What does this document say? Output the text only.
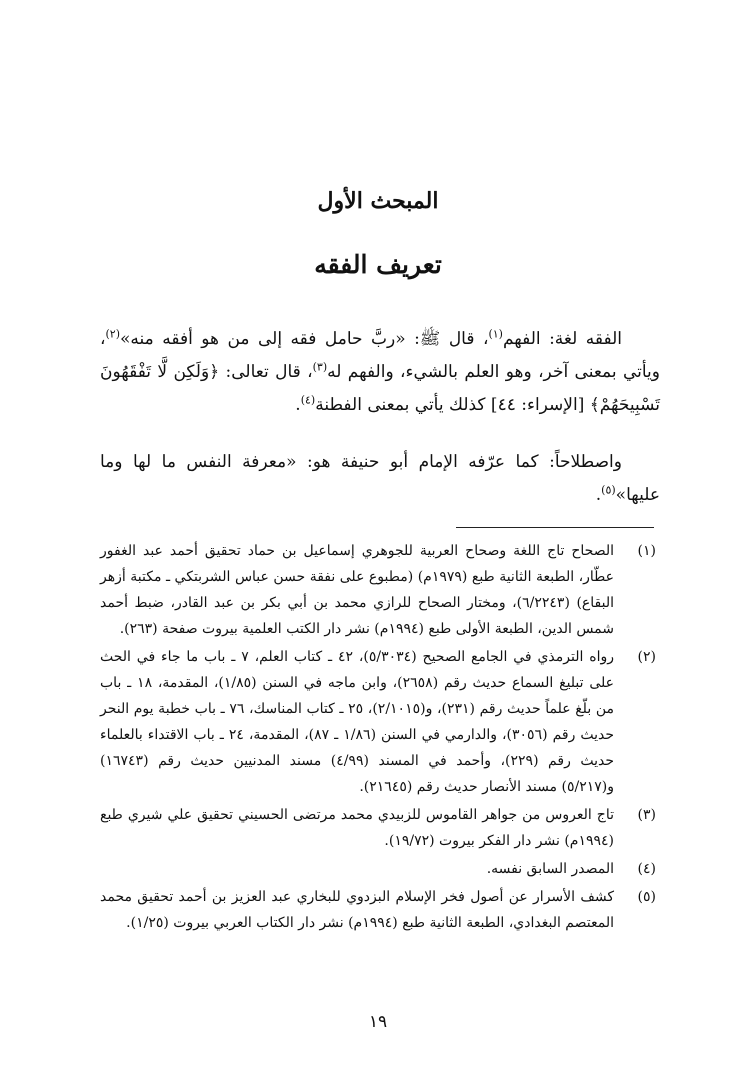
المبحث الأول
تعريف الفقه
الفقه لغة: الفهم$^{(١)}$، قال ﷺ: «ربَّ حامل فقه إلى من هو أفقه منه»$^{(٢)}$، ويأتي بمعنى آخر، وهو العلم بالشيء، والفهم له$^{(٣)}$، قال تعالى: ﴿وَلَكِن لَّا تَفْقَهُونَ تَسْبِيحَهُمْ﴾ [الإسراء: ٤٤] كذلك يأتي بمعنى الفطنة$^{(٤)}$.
واصطلاحاً: كما عرّفه الإمام أبو حنيفة هو: «معرفة النفس ما لها وما عليها»$^{(٥)}$.
(١)
الصحاح تاج اللغة وصحاح العربية للجوهري إسماعيل بن حماد تحقيق أحمد عبد الغفور عطّار، الطبعة الثانية طبع (١٩٧٩م) (مطبوع على نفقة حسن عباس الشربتكي ـ مكتبة أزهر البقاع) (٦/٢٢٤٣)، ومختار الصحاح للرازي محمد بن أبي بكر بن عبد القادر، ضبط أحمد شمس الدين، الطبعة الأولى طبع (١٩٩٤م) نشر دار الكتب العلمية بيروت صفحة (٢٦٣).
(٢)
رواه الترمذي في الجامع الصحيح (٥/٣٠٣٤)، ٤٢ ـ كتاب العلم، ٧ ـ باب ما جاء في الحث على تبليغ السماع حديث رقم (٢٦٥٨)، وابن ماجه في السنن (١/٨٥)، المقدمة، ١٨ ـ باب من بلّغ علماً حديث رقم (٢٣١)، و(٢/١٠١٥)، ٢٥ ـ كتاب المناسك، ٧٦ ـ باب خطبة يوم النحر حديث رقم (٣٠٥٦)، والدارمي في السنن (١/٨٦ ـ ٨٧)، المقدمة، ٢٤ ـ باب الاقتداء بالعلماء حديث رقم (٢٢٩)، وأحمد في المسند (٤/٩٩) مسند المدنيين حديث رقم (١٦٧٤٣) و(٥/٢١٧) مسند الأنصار حديث رقم (٢١٦٤٥).
(٣)
تاج العروس من جواهر القاموس للزبيدي محمد مرتضى الحسيني تحقيق علي شيري طبع (١٩٩٤م) نشر دار الفكر بيروت (١٩/٧٢).
(٤)
المصدر السابق نفسه.
(٥)
كشف الأسرار عن أصول فخر الإسلام البزدوي للبخاري عبد العزيز بن أحمد تحقيق محمد المعتصم البغدادي، الطبعة الثانية طبع (١٩٩٤م) نشر دار الكتاب العربي بيروت (١/٢٥).
١٩
